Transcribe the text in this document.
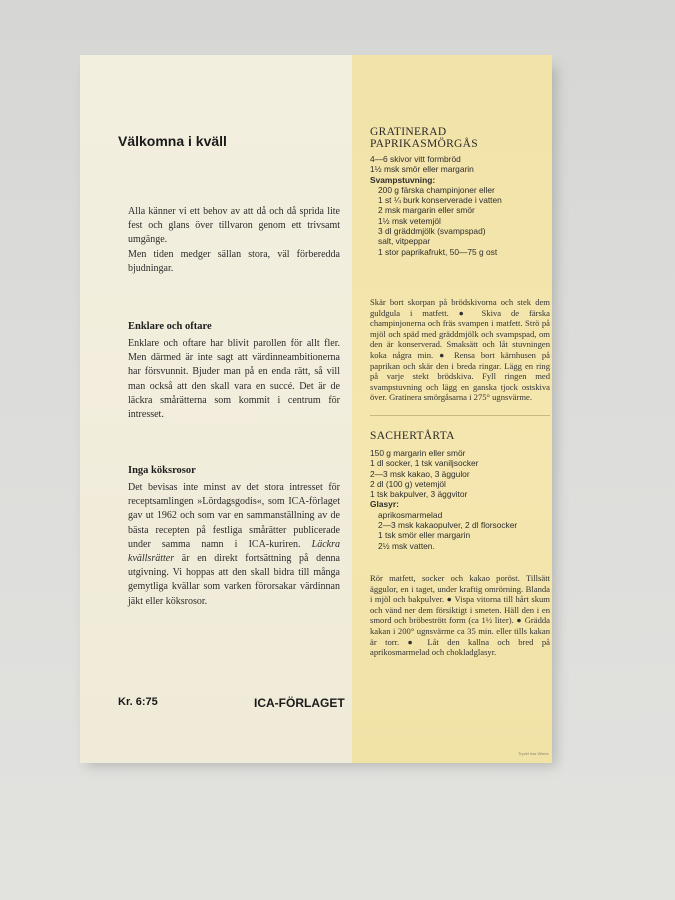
Välkomna i kväll

Alla känner vi ett behov av att då och då sprida lite fest och glans över tillvaron genom ett trivsamt umgänge.

Men tiden medger sällan stora, väl förberedda bjudningar.

Enklare och oftare
Enklare och oftare har blivit parollen för allt fler. Men därmed är inte sagt att värdinneambitionerna har försvunnit. Bjuder man på en enda rätt, så vill man också att den skall vara en succé. Det är de läckra smårätterna som kommit i centrum för intresset.
Inga köksrosor
Det bevisas inte minst av det stora intresset för receptsamlingen »Lördagsgodis«, som ICA-förlaget gav ut 1962 och som var en sammanställning av de bästa recepten på festliga smårätter publicerade under samma namn i ICA-kuriren. Läckra kvällsrätter är en direkt fortsättning på denna utgivning. Vi hoppas att den skall bidra till många gemytliga kvällar som varken förorsakar värdinnan jäkt eller köksrosor.
Kr. 6:75	ICA-FÖRLAGET
GRATINERAD
PAPRIKASMÖRGÅS
4—6 skivor vitt formbröd
1½ msk smör eller margarin
Svampstuvning:
200 g färska champinjoner eller
1 st ¼ burk konserverade i vatten
2 msk margarin eller smör
1½ msk vetemjöl
3 dl gräddmjölk (svampspad)
salt, vitpeppar
1 stor paprikafrukt, 50—75 g ost
Skär bort skorpan på brödskivorna och stek dem guldgula i matfett. ● Skiva de färska champinjonerna och fräs svampen i matfett. Strö på mjöl och späd med gräddmjölk och svampspad, om den är konserverad. Smaksätt och låt stuvningen koka några min. ● Rensa bort kärnhusen på paprikan och skär den i breda ringar. Lägg en ring på varje stekt brödskiva. Fyll ringen med svampstuvning och lägg en ganska tjock ostskiva över. Gratinera smörgåsarna i 275° ugnsvärme.
SACHERTÅRTA
150 g margarin eller smör
1 dl socker, 1 tsk vaniljsocker
2—3 msk kakao, 3 äggulor
2 dl (100 g) vetemjöl
1 tsk bakpulver, 3 äggvitor
Glasyr:
aprikosmarmelad
2—3 msk kakaopulver, 2 dl florsocker
1 tsk smör eller margarin
2½ msk vatten.
Rör matfett, socker och kakao poröst. Tillsätt äggulor, en i taget, under kraftig omrörning. Blanda i mjöl och bakpulver. ● Vispa vitorna till hårt skum och vänd ner dem försiktigt i smeten. Häll den i en smord och bröbestrött form (ca 1½ liter). ● Grädda kakan i 200° ugnsvärme ca 35 min. eller tills kakan är torr. ● Låt den kallna och bred på aprikosmarmelad och chokladglasyr.
Tryckt hos Wiene
